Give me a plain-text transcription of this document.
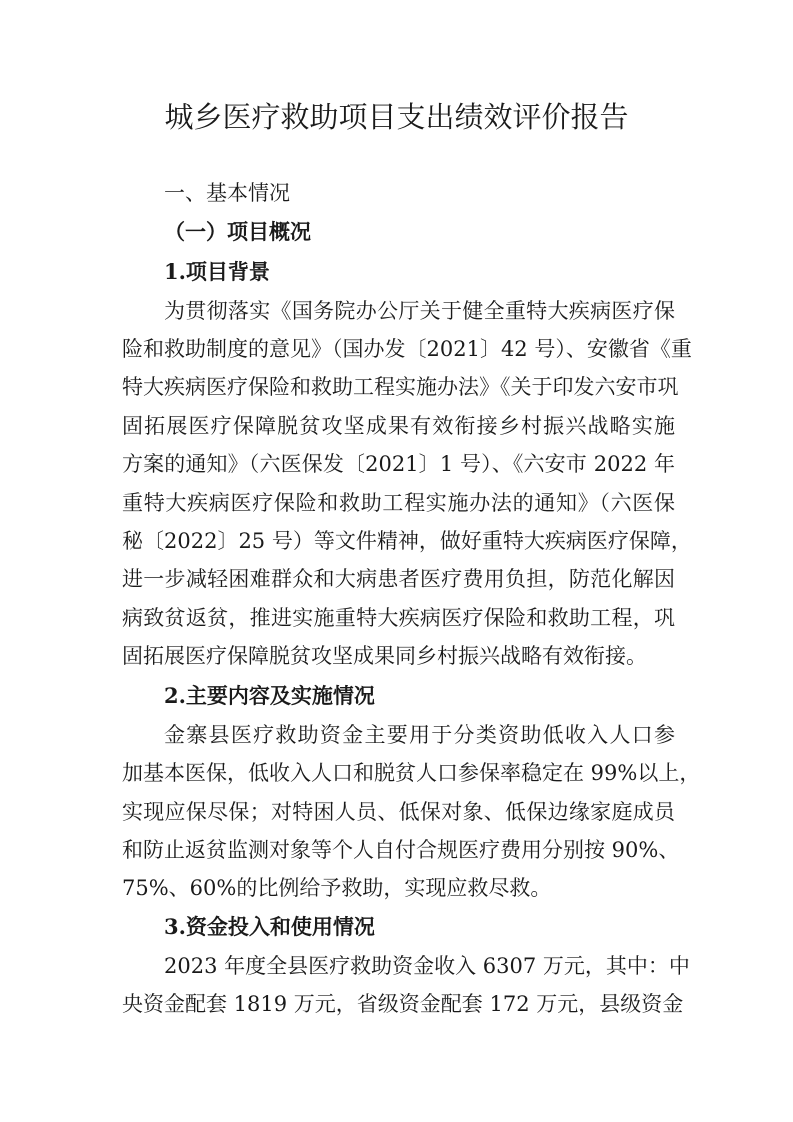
城乡医疗救助项目支出绩效评价报告

一、基本情况

（一）项目概况

1.项目背景

为贯彻落实《国务院办公厅关于健全重特大疾病医疗保

险和救助制度的意见》（国办发〔2021〕42 号）、安徽省《重

特大疾病医疗保险和救助工程实施办法》《关于印发六安市巩

固拓展医疗保障脱贫攻坚成果有效衔接乡村振兴战略实施

方案的通知》（六医保发〔2021〕1 号）、《六安市 2022 年

重特大疾病医疗保险和救助工程实施办法的通知》（六医保

秘〔2022〕25 号）等文件精神，做好重特大疾病医疗保障，

进一步减轻困难群众和大病患者医疗费用负担，防范化解因

病致贫返贫，推进实施重特大疾病医疗保险和救助工程，巩

固拓展医疗保障脱贫攻坚成果同乡村振兴战略有效衔接。

2.主要内容及实施情况

金寨县医疗救助资金主要用于分类资助低收入人口参

加基本医保，低收入人口和脱贫人口参保率稳定在 99%以上，

实现应保尽保；对特困人员、低保对象、低保边缘家庭成员

和防止返贫监测对象等个人自付合规医疗费用分别按 90%、

75%、60%的比例给予救助，实现应救尽救。

3.资金投入和使用情况

2023 年度全县医疗救助资金收入 6307 万元，其中：中

央资金配套 1819 万元，省级资金配套 172 万元，县级资金
